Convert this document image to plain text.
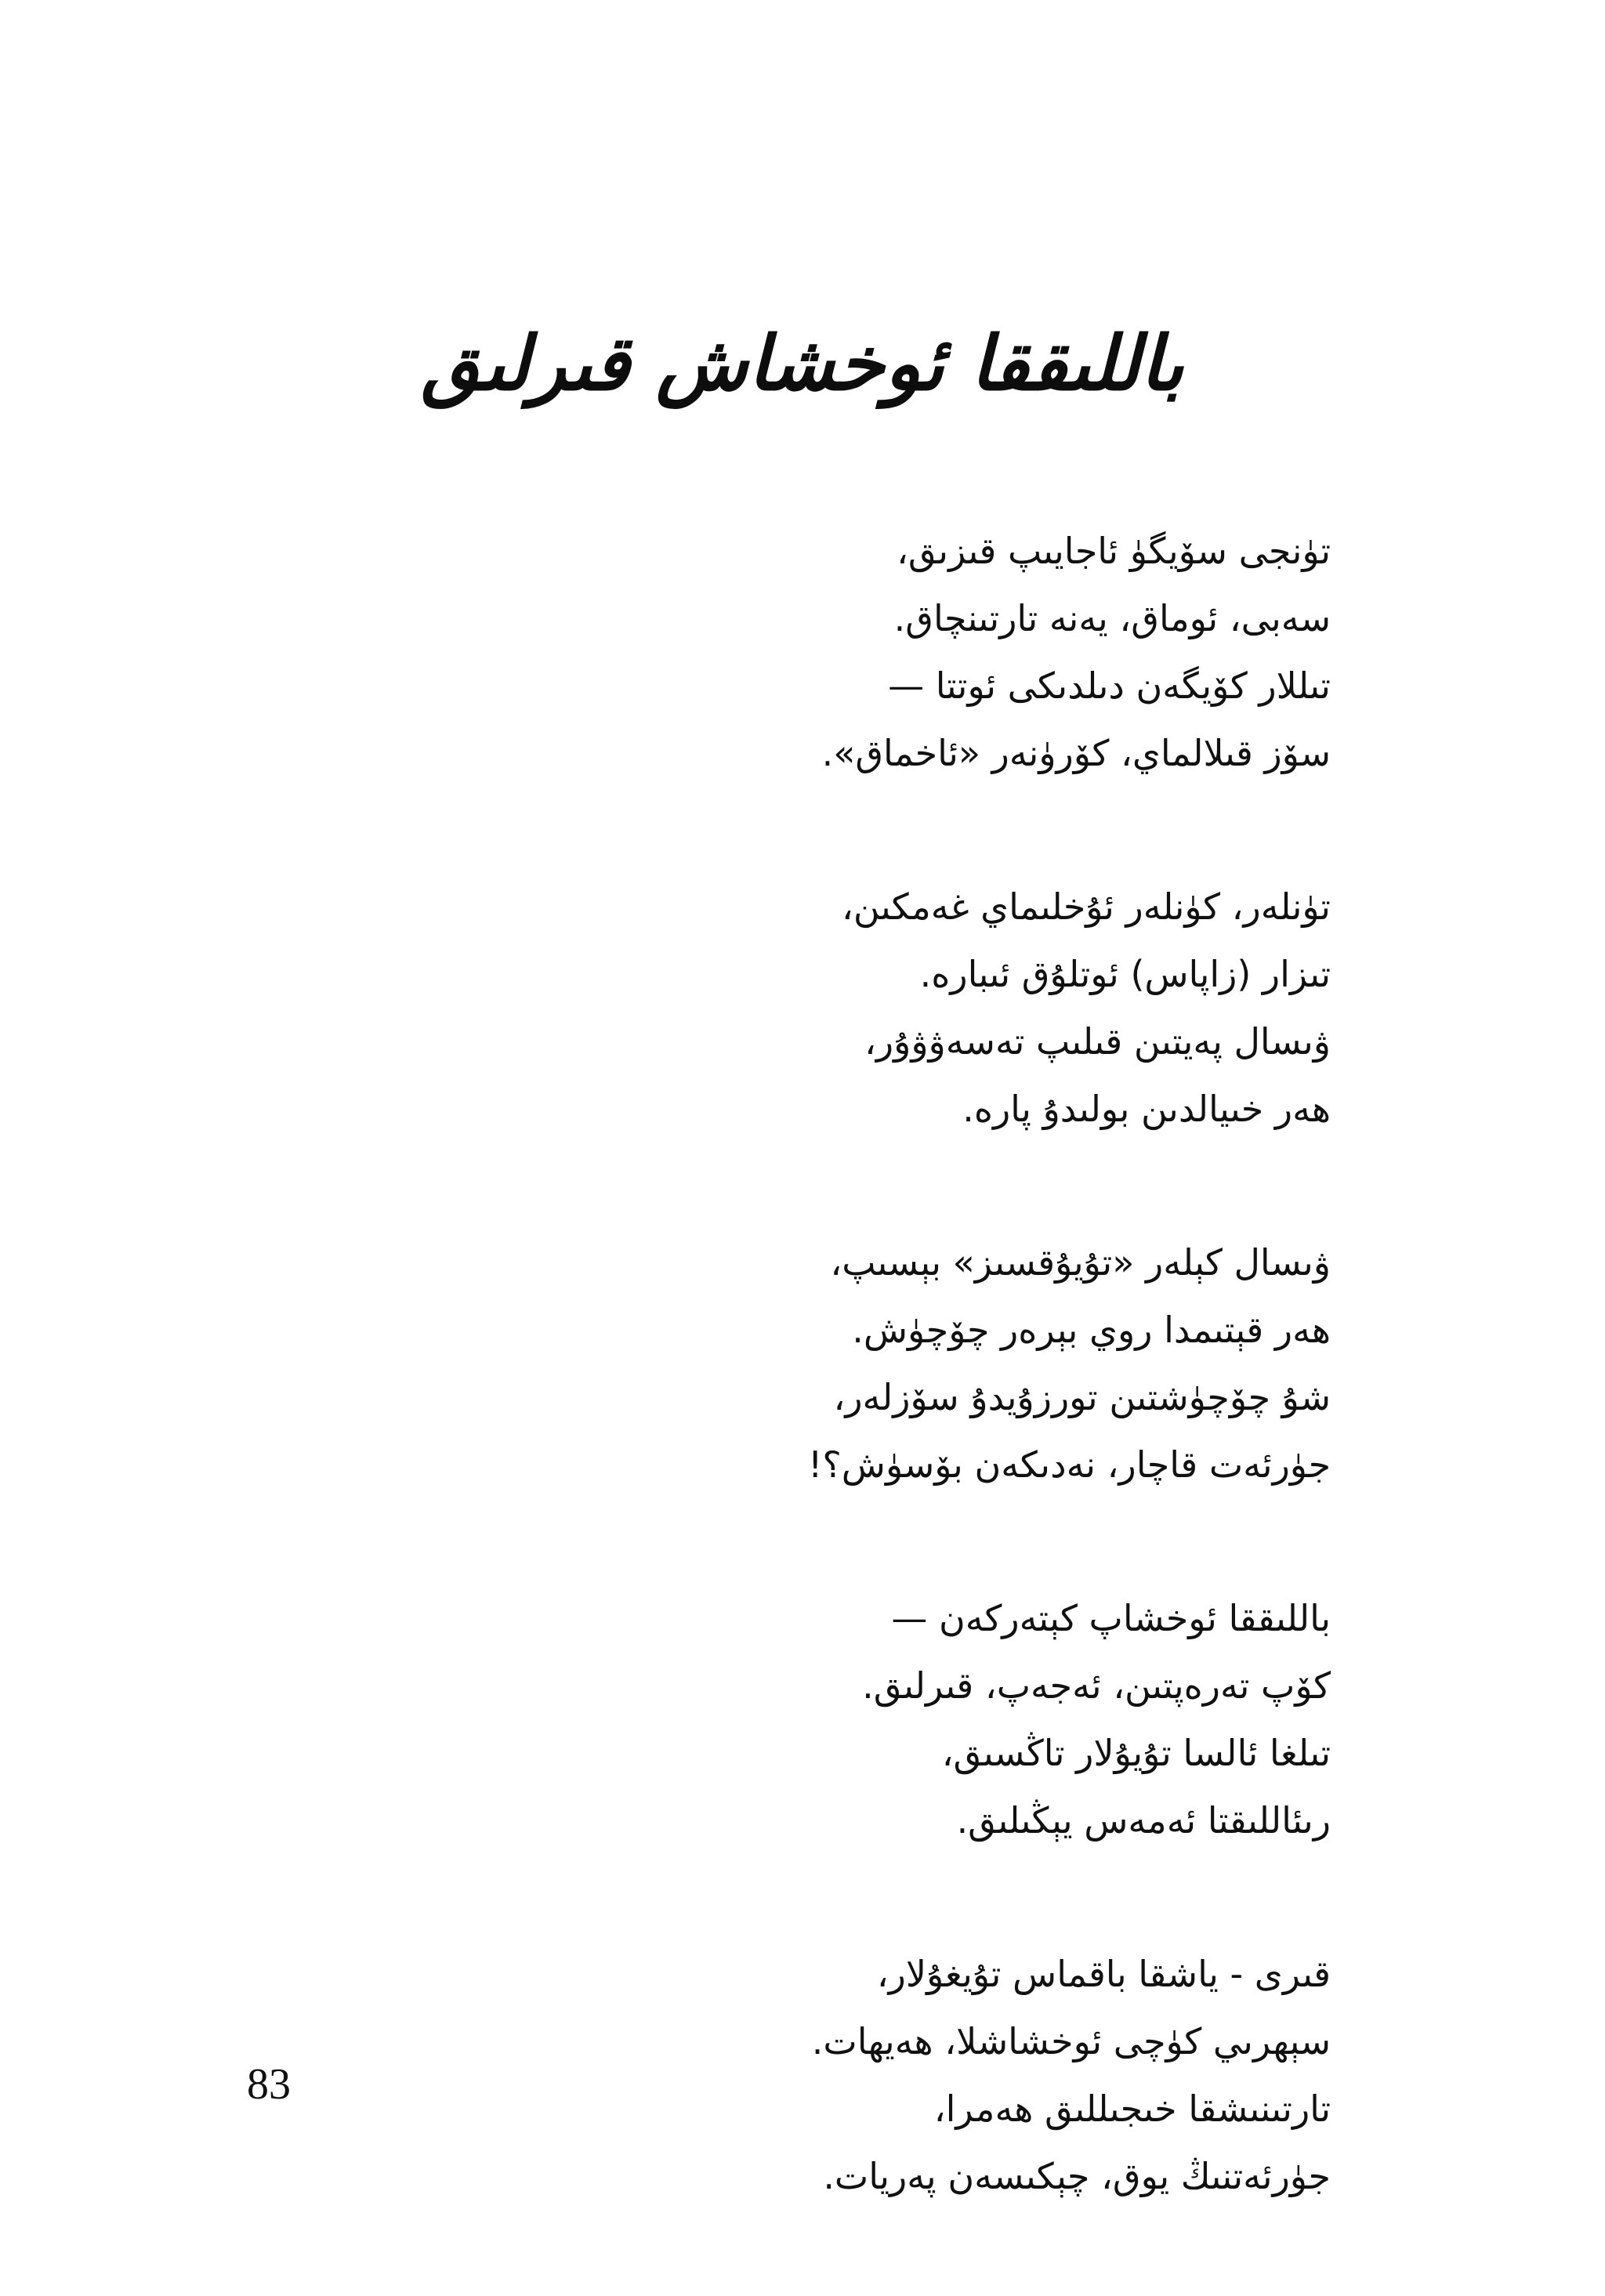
باللىققا ئوخشاش قىرلىق
تۈنجى سۆيگۈ ئاجايىپ قىزىق،
سەبى، ئوماق، يەنە تارتىنچاق.
تىللار كۆيگەن دىلدىكى ئوتتا —
سۆز قىلالماي، كۆرۈنەر «ئاخماق».
تۈنلەر، كۈنلەر ئۇخلىماي غەمكىن،
تىزار (زاپاس) ئوتلۇق ئىبارە.
ۋىسال پەيتىن قىلىپ تەسەۋۋۇر،
ھەر خىيالدىن بولىدۇ پارە.
ۋىسال كېلەر «تۇيۇقسىز» بېسىپ،
ھەر قېتىمدا روي بېرەر چۆچۈش.
شۇ چۆچۈشتىن تورزۇيدۇ سۆزلەر،
جۈرئەت قاچار، نەدىكەن بۆسۈش؟!
باللىققا ئوخشاپ كېتەركەن —
كۆپ تەرەپتىن، ئەجەپ، قىرلىق.
تىلغا ئالسا تۇيۇلار تاڭسىق،
رىئاللىقتا ئەمەس يېڭىلىق.
قىرى - ياشقا باقماس تۇيغۇلار،
سېھرىي كۈچى ئوخشاشلا، ھەيھات.
تارتىنىشقا خىجىللىق ھەمرا،
جۈرئەتنىڭ يوق، چېكىسەن پەريات.
83
